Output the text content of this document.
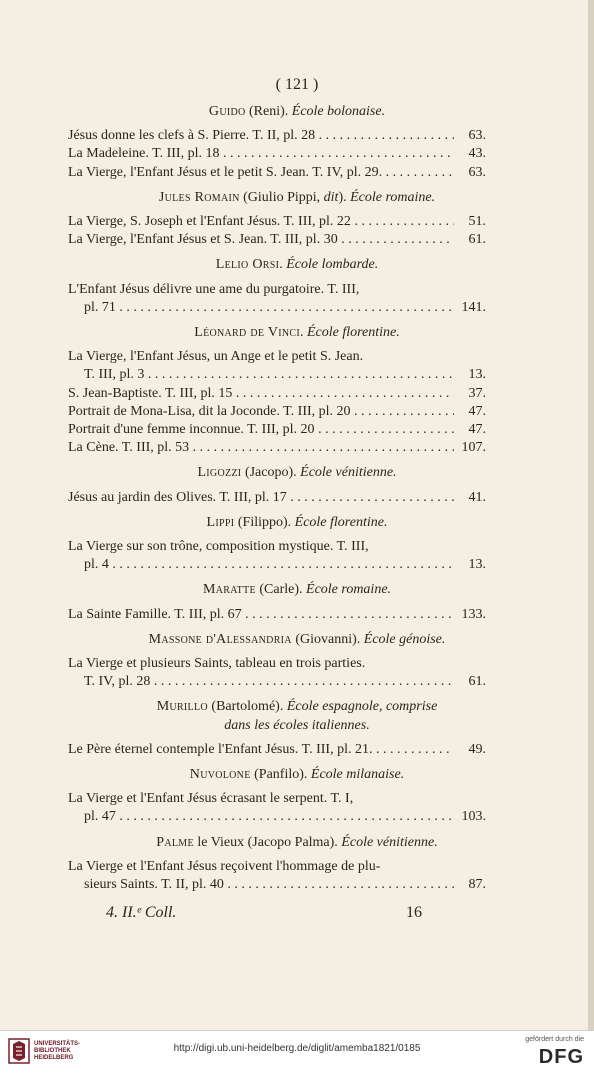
( 121 )
Guido (Reni). École bolonaise.
Jésus donne les clefs à S. Pierre. T. II, pl. 28 . . .	63.
La Madeleine. T. III, pl. 18 . . .	43.
La Vierge, l'Enfant Jésus et le petit S. Jean. T. IV, pl. 29. . . .	63.
Jules Romain (Giulio Pippi, dit). École romaine.
La Vierge, S. Joseph et l'Enfant Jésus. T. III, pl. 22 . . .	51.
La Vierge, l'Enfant Jésus et S. Jean. T. III, pl. 30 . . .	61.
Lelio Orsi. École lombarde.
L'Enfant Jésus délivre une ame du purgatoire. T. III,
pl. 71 . . .	141.
Léonard de Vinci. École florentine.
La Vierge, l'Enfant Jésus, un Ange et le petit S. Jean.
T. III, pl. 3 . . .	13.
S. Jean-Baptiste. T. III, pl. 15 . . .	37.
Portrait de Mona-Lisa, dit la Joconde. T. III, pl. 20 . . .	47.
Portrait d'une femme inconnue. T. III, pl. 20 . . .	47.
La Cène. T. III, pl. 53 . . .	107.
Ligozzi (Jacopo). École vénitienne.
Jésus au jardin des Olives. T. III, pl. 17 . . .	41.
Lippi (Filippo). École florentine.
La Vierge sur son trône, composition mystique. T. III,
pl. 4 . . .	13.
Maratte (Carle). École romaine.
La Sainte Famille. T. III, pl. 67 . . .	133.
Massone d'Alessandria (Giovanni). École génoise.
La Vierge et plusieurs Saints, tableau en trois parties.
T. IV, pl. 28 . . .	61.
Murillo (Bartolomé). École espagnole, comprise
dans les écoles italiennes.
Le Père éternel contemple l'Enfant Jésus. T. III, pl. 21. . . .	49.
Nuvolone (Panfilo). École milanaise.
La Vierge et l'Enfant Jésus écrasant le serpent. T. I,
pl. 47 . . .	103.
Palme le Vieux (Jacopo Palma). École vénitienne.
La Vierge et l'Enfant Jésus reçoivent l'hommage de plu-
sieurs Saints. T. II, pl. 40 . . .	87.
4. II.ᵉ Coll.	16
UNIVERSITÄTS-
BIBLIOTHEK
HEIDELBERG
http://digi.ub.uni-heidelberg.de/diglit/amemba1821/0185
gefördert durch die
DFG
